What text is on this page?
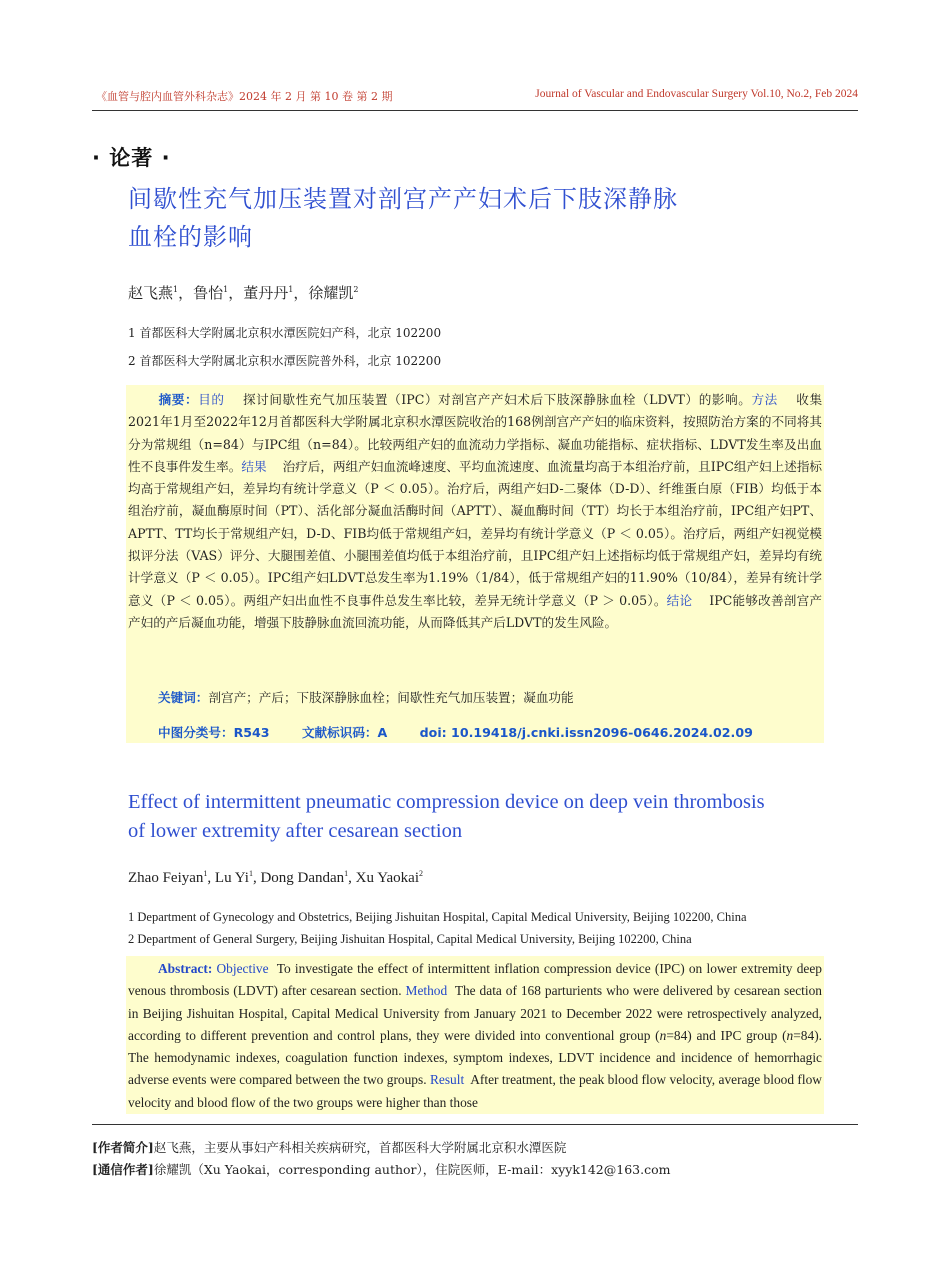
《血管与腔内血管外科杂志》2024 年 2 月 第 10 卷 第 2 期	Journal of Vascular and Endovascular Surgery Vol.10, No.2, Feb 2024
· 论著 ·
间歇性充气加压装置对剖宫产产妇术后下肢深静脉
血栓的影响
赵飞燕$^1$，鲁怡$^1$，董丹丹$^1$，徐耀凯$^2$
1 首都医科大学附属北京积水潭医院妇产科，北京 102200
2 首都医科大学附属北京积水潭医院普外科，北京 102200
摘要：目的 探讨间歇性充气加压装置（IPC）对剖宫产产妇术后下肢深静脉血栓（LDVT）的影响。方法 收集2021年1月至2022年12月首都医科大学附属北京积水潭医院收治的168例剖宫产产妇的临床资料，按照防治方案的不同将其分为常规组（n=84）与IPC组（n=84）。比较两组产妇的血流动力学指标、凝血功能指标、症状指标、LDVT发生率及出血性不良事件发生率。结果 治疗后，两组产妇血流峰速度、平均血流速度、血流量均高于本组治疗前，且IPC组产妇上述指标均高于常规组产妇，差异均有统计学意义（P ＜ 0.05）。治疗后，两组产妇D-二聚体（D-D）、纤维蛋白原（FIB）均低于本组治疗前，凝血酶原时间（PT）、活化部分凝血活酶时间（APTT）、凝血酶时间（TT）均长于本组治疗前，IPC组产妇PT、APTT、TT均长于常规组产妇，D-D、FIB均低于常规组产妇，差异均有统计学意义（P ＜ 0.05）。治疗后，两组产妇视觉模拟评分法（VAS）评分、大腿围差值、小腿围差值均低于本组治疗前，且IPC组产妇上述指标均低于常规组产妇，差异均有统计学意义（P ＜ 0.05）。IPC组产妇LDVT总发生率为1.19%（1/84），低于常规组产妇的11.90%（10/84），差异有统计学意义（P ＜ 0.05）。两组产妇出血性不良事件总发生率比较，差异无统计学意义（P ＞ 0.05）。结论 IPC能够改善剖宫产产妇的产后凝血功能，增强下肢静脉血流回流功能，从而降低其产后LDVT的发生风险。
关键词：剖宫产；产后；下肢深静脉血栓；间歇性充气加压装置；凝血功能
中图分类号：R543	文献标识码：A	doi: 10.19418/j.cnki.issn2096-0646.2024.02.09
Effect of intermittent pneumatic compression device on deep vein thrombosis
of lower extremity after cesarean section
Zhao Feiyan$^1$, Lu Yi$^1$, Dong Dandan$^1$, Xu Yaokai$^2$
1 Department of Gynecology and Obstetrics, Beijing Jishuitan Hospital, Capital Medical University, Beijing 102200, China
2 Department of General Surgery, Beijing Jishuitan Hospital, Capital Medical University, Beijing 102200, China
Abstract: Objective To investigate the effect of intermittent inflation compression device (IPC) on lower extremity deep venous thrombosis (LDVT) after cesarean section. Method The data of 168 parturients who were delivered by cesarean section in Beijing Jishuitan Hospital, Capital Medical University from January 2021 to December 2022 were retrospectively analyzed, according to different prevention and control plans, they were divided into conventional group (n=84) and IPC group (n=84). The hemodynamic indexes, coagulation function indexes, symptom indexes, LDVT incidence and incidence of hemorrhagic adverse events were compared between the two groups. Result After treatment, the peak blood flow velocity, average blood flow velocity and blood flow of the two groups were higher than those
[作者简介]赵飞燕，主要从事妇产科相关疾病研究，首都医科大学附属北京积水潭医院
[通信作者]徐耀凯（Xu Yaokai，corresponding author），住院医师，E-mail：xyyk142@163.com
